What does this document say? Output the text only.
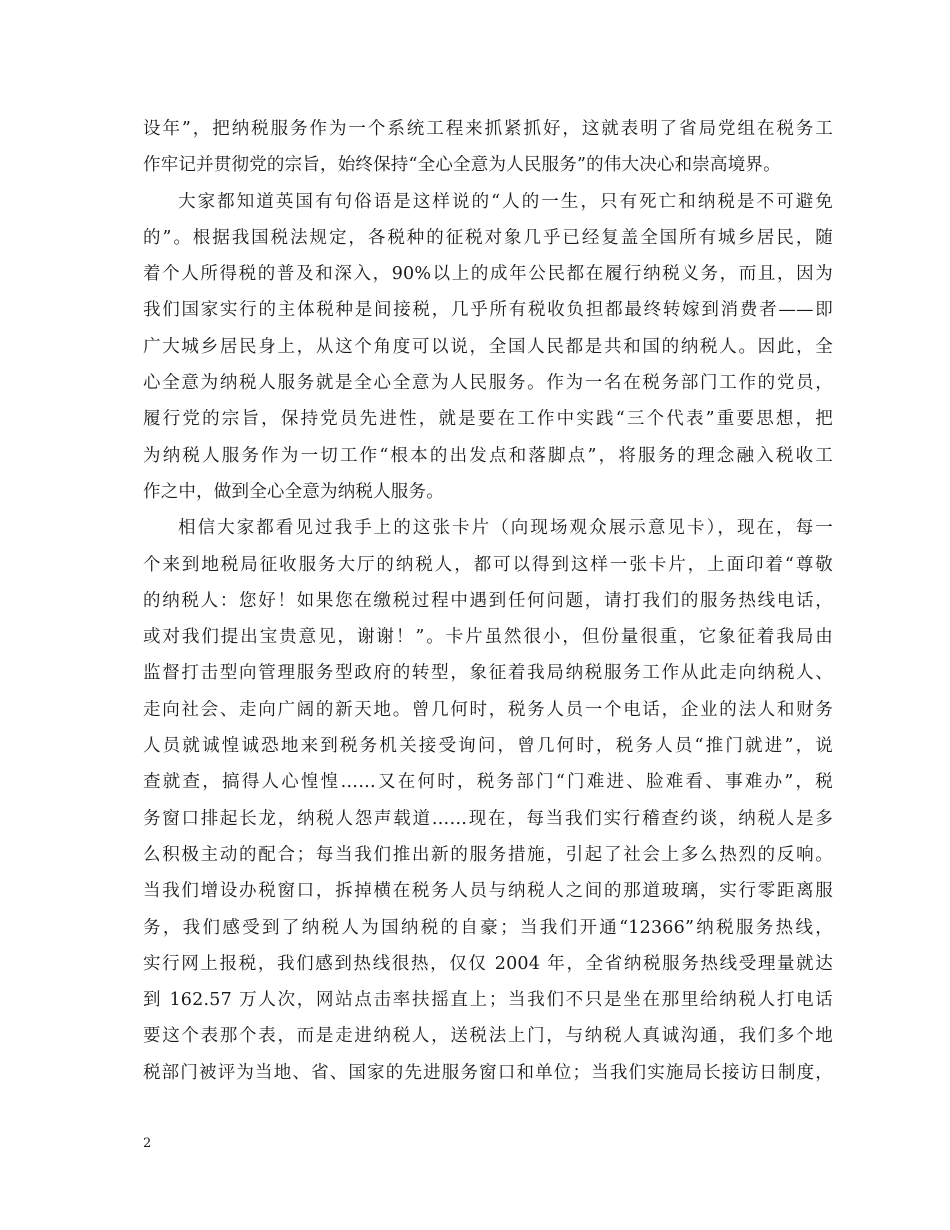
设年”，把纳税服务作为一个系统工程来抓紧抓好，这就表明了省局党组在税务工
作牢记并贯彻党的宗旨，始终保持“全心全意为人民服务”的伟大决心和崇高境界。
大家都知道英国有句俗语是这样说的“人的一生，只有死亡和纳税是不可避免
的”。根据我国税法规定，各税种的征税对象几乎已经复盖全国所有城乡居民，随
着个人所得税的普及和深入，90%以上的成年公民都在履行纳税义务，而且，因为
我们国家实行的主体税种是间接税，几乎所有税收负担都最终转嫁到消费者——即
广大城乡居民身上，从这个角度可以说，全国人民都是共和国的纳税人。因此，全
心全意为纳税人服务就是全心全意为人民服务。作为一名在税务部门工作的党员，
履行党的宗旨，保持党员先进性，就是要在工作中实践“三个代表”重要思想，把
为纳税人服务作为一切工作“根本的出发点和落脚点”，将服务的理念融入税收工
作之中，做到全心全意为纳税人服务。
相信大家都看见过我手上的这张卡片（向现场观众展示意见卡），现在，每一
个来到地税局征收服务大厅的纳税人，都可以得到这样一张卡片，上面印着“尊敬
的纳税人：您好！如果您在缴税过程中遇到任何问题，请打我们的服务热线电话，
或对我们提出宝贵意见，谢谢！”。卡片虽然很小，但份量很重，它象征着我局由
监督打击型向管理服务型政府的转型，象征着我局纳税服务工作从此走向纳税人、
走向社会、走向广阔的新天地。曾几何时，税务人员一个电话，企业的法人和财务
人员就诚惶诚恐地来到税务机关接受询问，曾几何时，税务人员“推门就进”，说
查就查，搞得人心惶惶……又在何时，税务部门“门难进、脸难看、事难办”，税
务窗口排起长龙，纳税人怨声载道……现在，每当我们实行稽查约谈，纳税人是多
么积极主动的配合；每当我们推出新的服务措施，引起了社会上多么热烈的反响。
当我们增设办税窗口，拆掉横在税务人员与纳税人之间的那道玻璃，实行零距离服
务，我们感受到了纳税人为国纳税的自豪；当我们开通“12366”纳税服务热线，
实行网上报税，我们感到热线很热，仅仅 2004 年，全省纳税服务热线受理量就达
到 162.57 万人次，网站点击率扶摇直上；当我们不只是坐在那里给纳税人打电话
要这个表那个表，而是走进纳税人，送税法上门，与纳税人真诚沟通，我们多个地
税部门被评为当地、省、国家的先进服务窗口和单位；当我们实施局长接访日制度，
2
